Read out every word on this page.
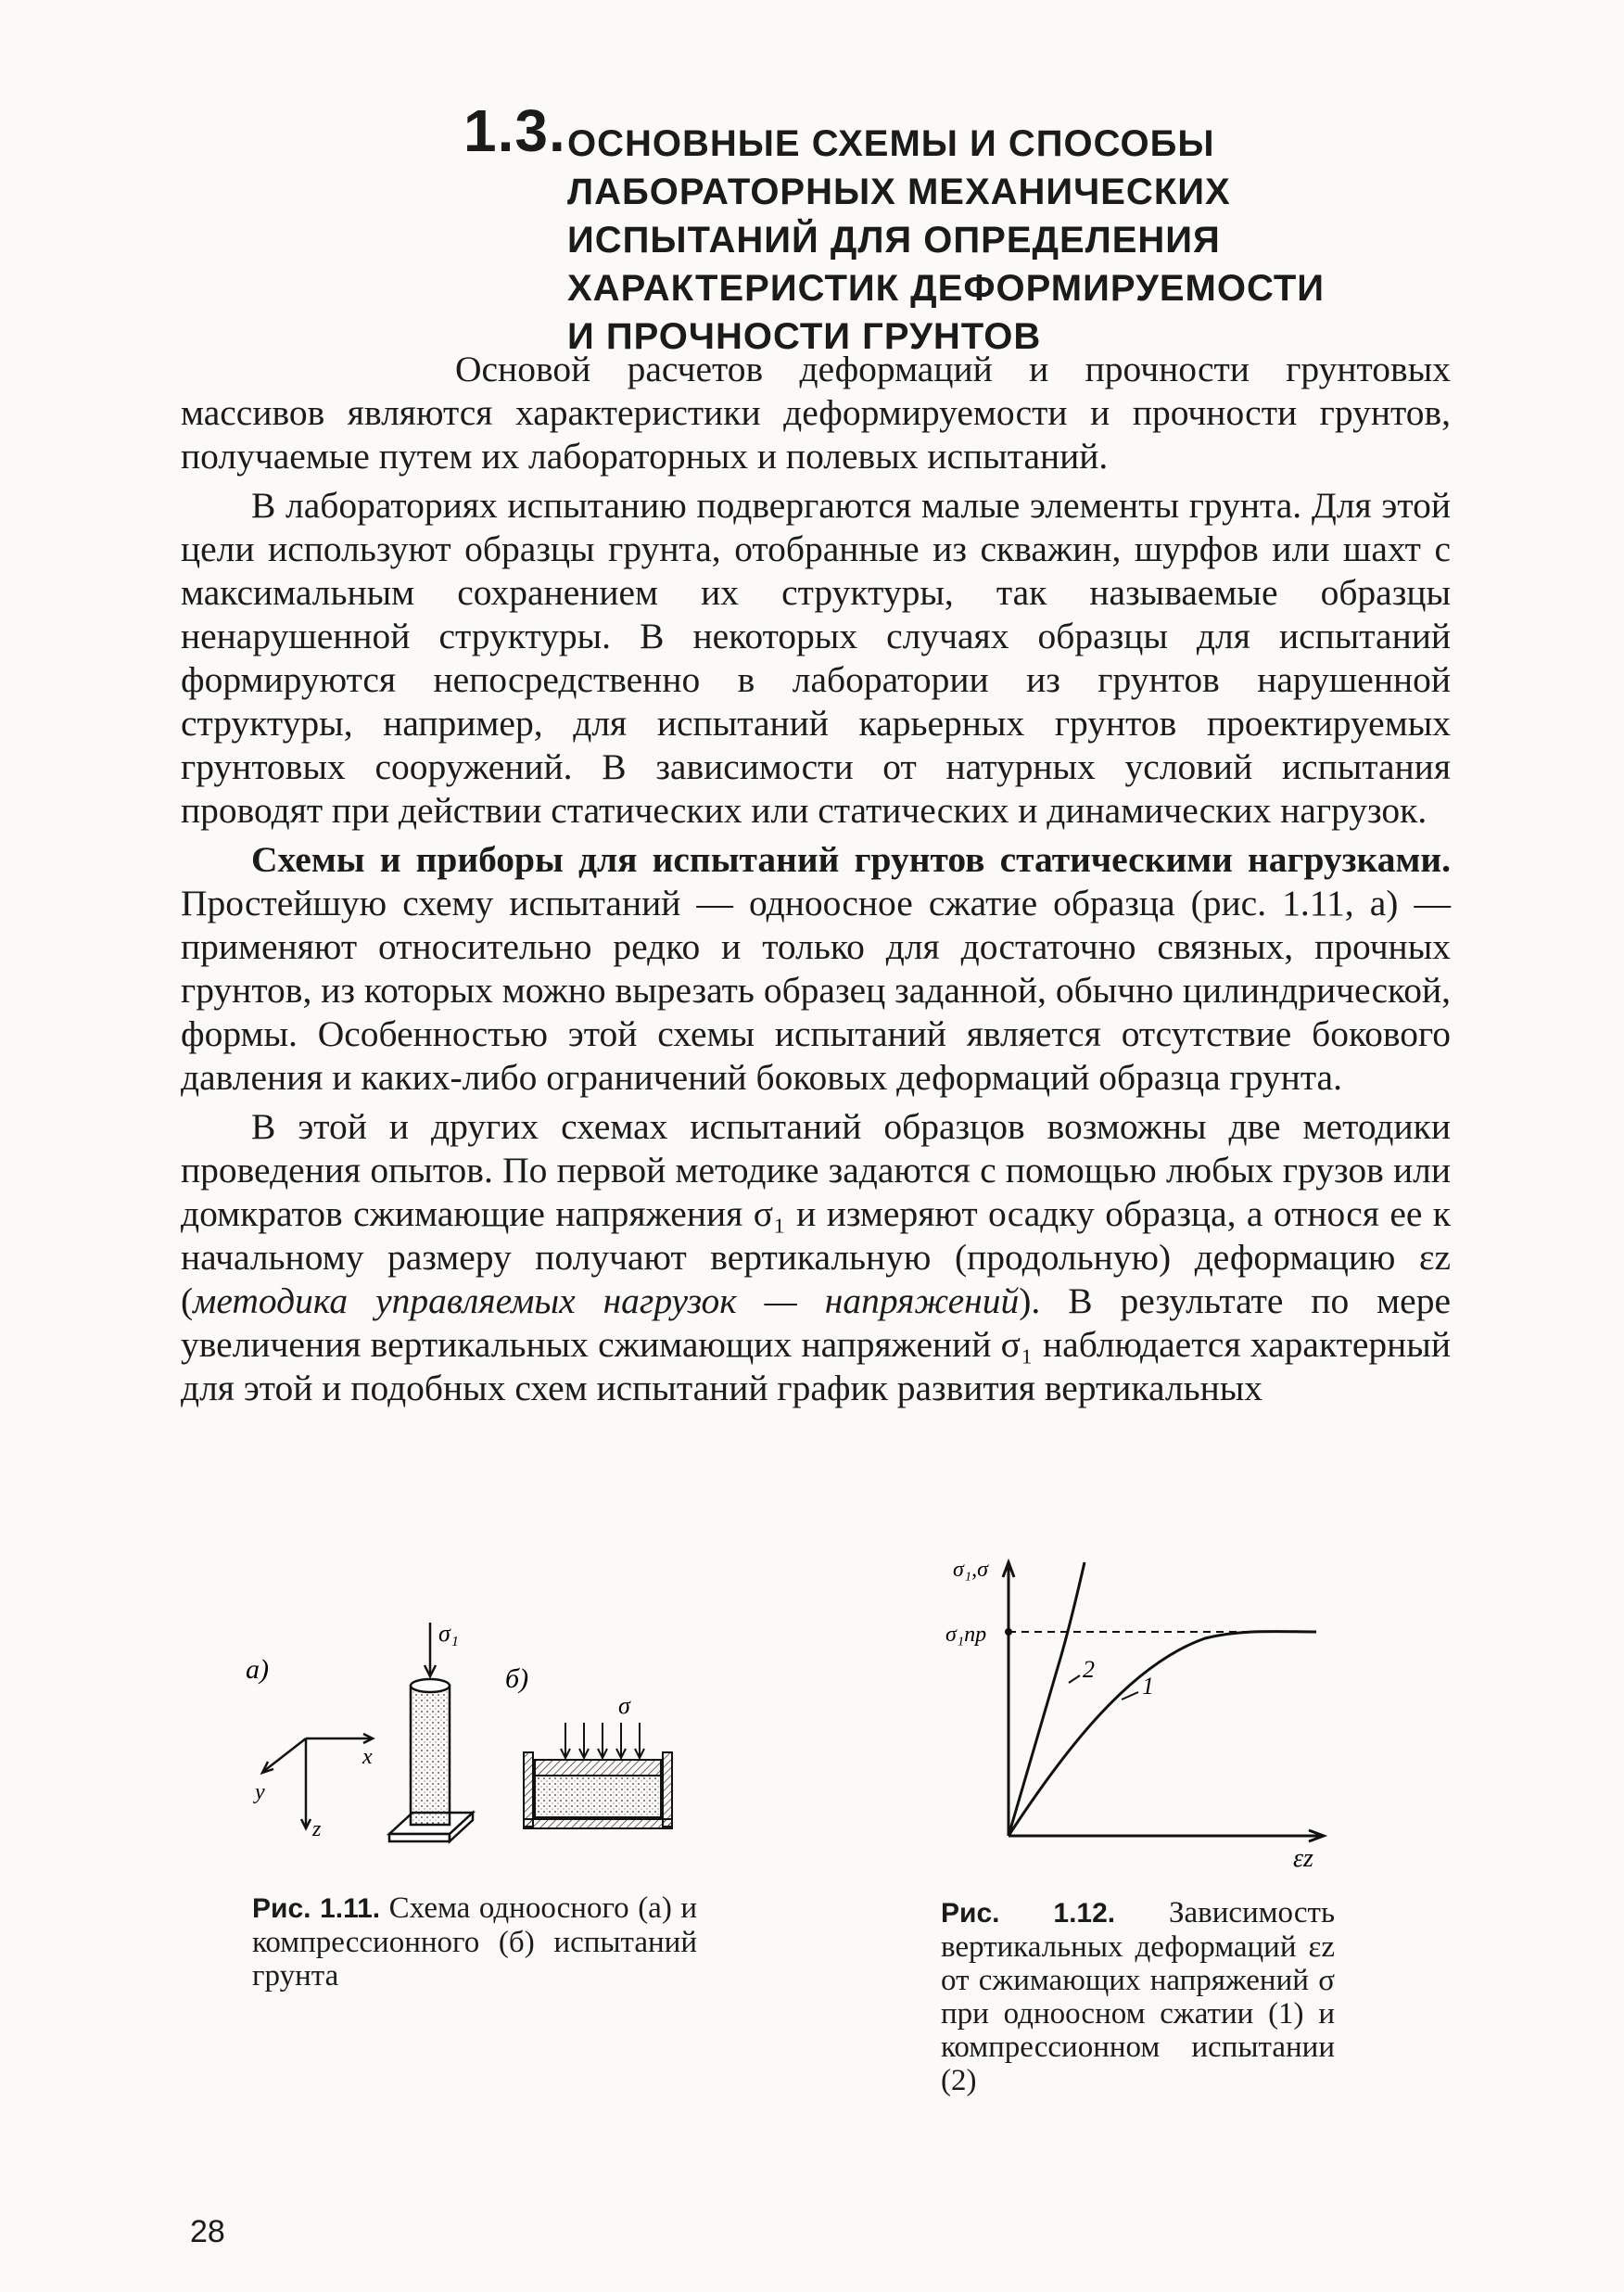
1.3. ОСНОВНЫЕ СХЕМЫ И СПОСОБЫ
ЛАБОРАТОРНЫХ МЕХАНИЧЕСКИХ
ИСПЫТАНИЙ ДЛЯ ОПРЕДЕЛЕНИЯ
ХАРАКТЕРИСТИК ДЕФОРМИРУЕМОСТИ
И ПРОЧНОСТИ ГРУНТОВ

Основой расчетов деформаций и прочности грунтовых массивов являются характеристики деформируемости и прочности грунтов, получаемые путем их лабораторных и полевых испытаний.

В лабораториях испытанию подвергаются малые элементы грунта. Для этой цели используют образцы грунта, отобранные из скважин, шурфов или шахт с максимальным сохранением их структуры, так называемые образцы ненарушенной структуры. В некоторых случаях образцы для испытаний формируются непосредственно в лаборатории из грунтов нарушенной структуры, например, для испытаний карьерных грунтов проектируемых грунтовых сооружений. В зависимости от натурных условий испытания проводят при действии статических или статических и динамических нагрузок.

Схемы и приборы для испытаний грунтов статическими нагрузками. Простейшую схему испытаний — одноосное сжатие образца (рис. 1.11, а) — применяют относительно редко и только для достаточно связных, прочных грунтов, из которых можно вырезать образец заданной, обычно цилиндрической, формы. Особенностью этой схемы испытаний является отсутствие бокового давления и каких-либо ограничений боковых деформаций образца грунта.

В этой и других схемах испытаний образцов возможны две методики проведения опытов. По первой методике задаются с помощью любых грузов или домкратов сжимающие напряжения σ₁ и измеряют осадку образца, а относя ее к начальному размеру получают вертикальную (продольную) деформацию εz (методика управляемых нагрузок — напряжений). В результате по мере увеличения вертикальных сжимающих напряжений σ₁ наблюдается характерный для этой и подобных схем испытаний график развития вертикальных

а)	б)
x
y
z
σ₁
σ
Рис. 1.11. Схема одноосного (а) и компрессионного (б) испытаний грунта
σ₁,σ
σ₁пр
εz
2
1
Рис. 1.12. Зависимость вертикальных деформаций εz от сжимающих напряжений σ при одноосном сжатии (1) и компрессионном испытании (2)
28
